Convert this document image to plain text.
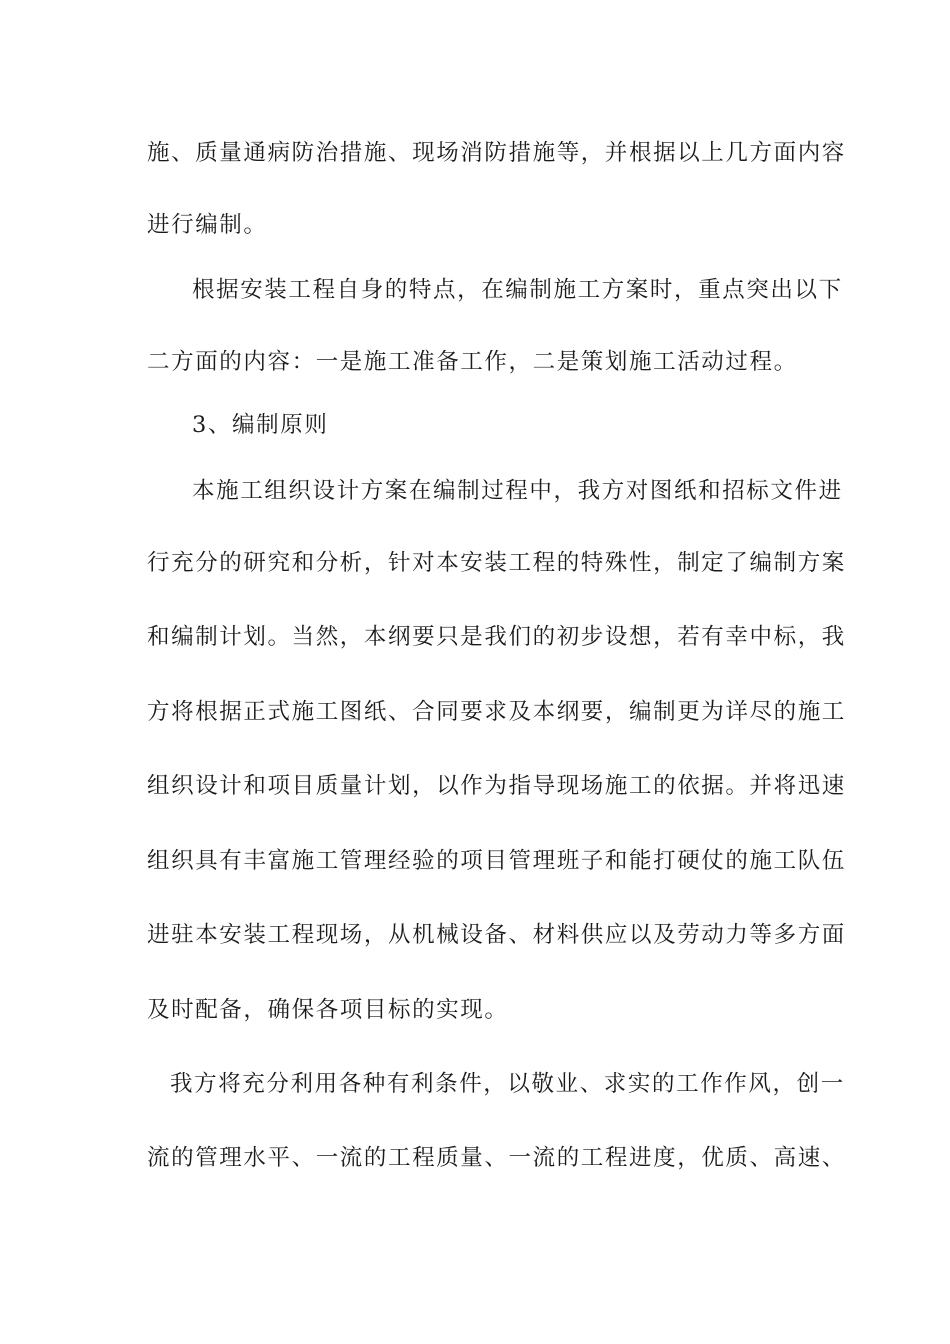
施、质量通病防治措施、现场消防措施等，并根据以上几方面内容
进行编制。
根据安装工程自身的特点，在编制施工方案时，重点突出以下
二方面的内容：一是施工准备工作，二是策划施工活动过程。
3、编制原则
本施工组织设计方案在编制过程中，我方对图纸和招标文件进
行充分的研究和分析，针对本安装工程的特殊性，制定了编制方案
和编制计划。当然，本纲要只是我们的初步设想，若有幸中标，我
方将根据正式施工图纸、合同要求及本纲要，编制更为详尽的施工
组织设计和项目质量计划，以作为指导现场施工的依据。并将迅速
组织具有丰富施工管理经验的项目管理班子和能打硬仗的施工队伍
进驻本安装工程现场，从机械设备、材料供应以及劳动力等多方面
及时配备，确保各项目标的实现。
我方将充分利用各种有利条件，以敬业、求实的工作作风，创一
流的管理水平、一流的工程质量、一流的工程进度，优质、高速、
